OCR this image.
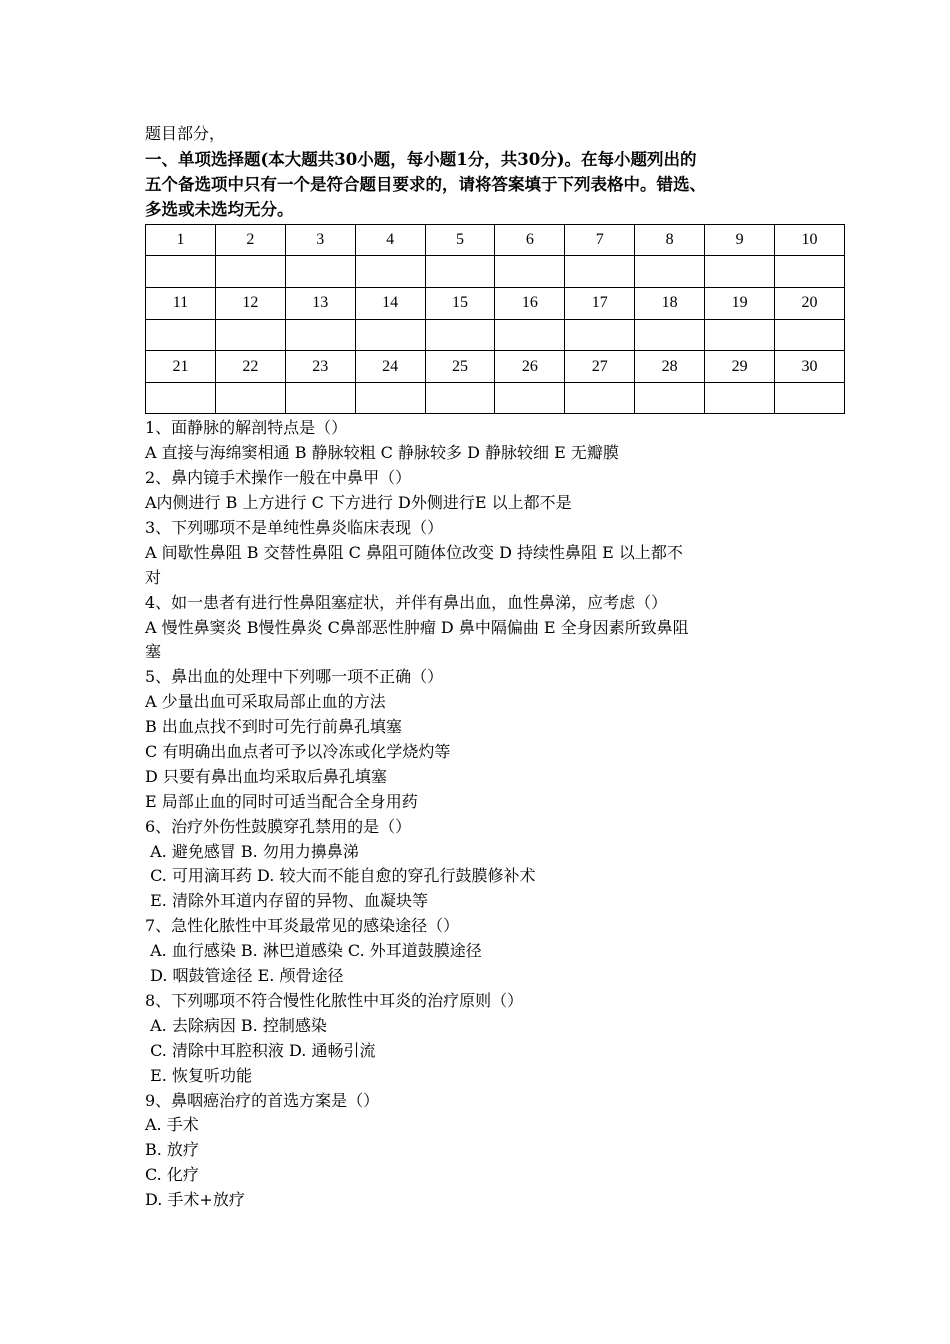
题目部分，
一、单项选择题(本大题共30小题，每小题1分，共30分)。在每小题列出的
五个备选项中只有一个是符合题目要求的，请将答案填于下列表格中。错选、
多选或未选均无分。
1	2	3	4	5	6	7	8	9	10

11	12	13	14	15	16	17	18	19	20

21	22	23	24	25	26	27	28	29	30

1、面静脉的解剖特点是（）
A 直接与海绵窦相通 B 静脉较粗 C 静脉较多 D 静脉较细 E 无瓣膜
2、鼻内镜手术操作一般在中鼻甲（）
A内侧进行 B 上方进行 C 下方进行 D外侧进行E 以上都不是
3、下列哪项不是单纯性鼻炎临床表现（）
A 间歇性鼻阻 B 交替性鼻阻 C 鼻阻可随体位改变 D 持续性鼻阻 E 以上都不
对
4、如一患者有进行性鼻阻塞症状，并伴有鼻出血，血性鼻涕，应考虑（）
A 慢性鼻窦炎 B慢性鼻炎 C鼻部恶性肿瘤 D 鼻中隔偏曲 E 全身因素所致鼻阻
塞
5、鼻出血的处理中下列哪一项不正确（）
A 少量出血可采取局部止血的方法
B 出血点找不到时可先行前鼻孔填塞
C 有明确出血点者可予以冷冻或化学烧灼等
D 只要有鼻出血均采取后鼻孔填塞
E 局部止血的同时可适当配合全身用药
6、治疗外伤性鼓膜穿孔禁用的是（）
A. 避免感冒 B. 勿用力擤鼻涕
C. 可用滴耳药 D. 较大而不能自愈的穿孔行鼓膜修补术
E. 清除外耳道内存留的异物、血凝块等
7、急性化脓性中耳炎最常见的感染途径（）
A. 血行感染 B. 淋巴道感染 C. 外耳道鼓膜途径
D. 咽鼓管途径 E. 颅骨途径
8、下列哪项不符合慢性化脓性中耳炎的治疗原则（）
A. 去除病因 B. 控制感染
C. 清除中耳腔积液 D. 通畅引流
E. 恢复听功能
9、鼻咽癌治疗的首选方案是（）
A. 手术
B. 放疗
C. 化疗
D. 手术+放疗
